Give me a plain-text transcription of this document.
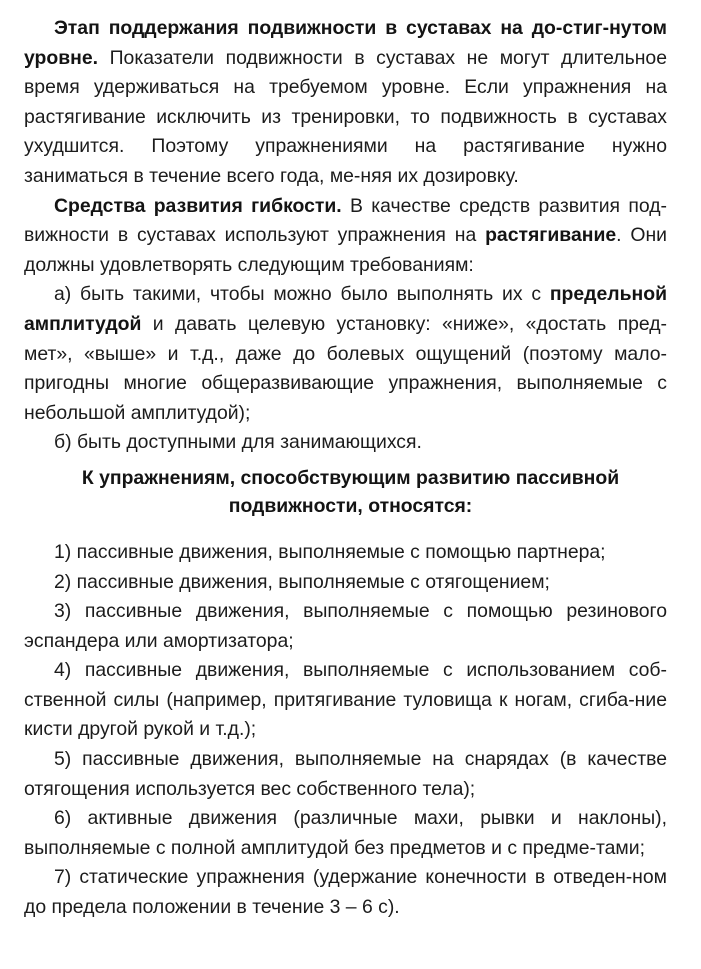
Этап поддержания подвижности в суставах на до-стиг-нутом уровне. Показатели подвижности в суставах не могут длительное время удерживаться на требуемом уровне. Если упражнения на растягивание исключить из тренировки, то подвижность в суставах ухудшится. Поэтому упражнениями на растягивание нужно заниматься в течение всего года, ме-няя их дозировку.

Средства развития гибкости. В качестве средств развития под-вижности в суставах используют упражнения на растягивание. Они должны удовлетворять следующим требованиям:

а) быть такими, чтобы можно было выполнять их с предельной амплитудой и давать целевую установку: «ниже», «достать пред-мет», «выше» и т.д., даже до болевых ощущений (поэтому мало-пригодны многие общеразвивающие упражнения, выполняемые с небольшой амплитудой);

б) быть доступными для занимающихся.

К упражнениям, способствующим развитию пассивной подвижности, относятся:

1) пассивные движения, выполняемые с помощью партнера;

2) пассивные движения, выполняемые с отягощением;

3) пассивные движения, выполняемые с помощью резинового эспандера или амортизатора;

4) пассивные движения, выполняемые с использованием соб-ственной силы (например, притягивание туловища к ногам, сгиба-ние кисти другой рукой и т.д.);

5) пассивные движения, выполняемые на снарядах (в качестве отягощения используется вес собственного тела);

6) активные движения (различные махи, рывки и наклоны), выполняемые с полной амплитудой без предметов и с предме-тами;

7) статические упражнения (удержание конечности в отведен-ном до предела положении в течение 3 – 6 с).
